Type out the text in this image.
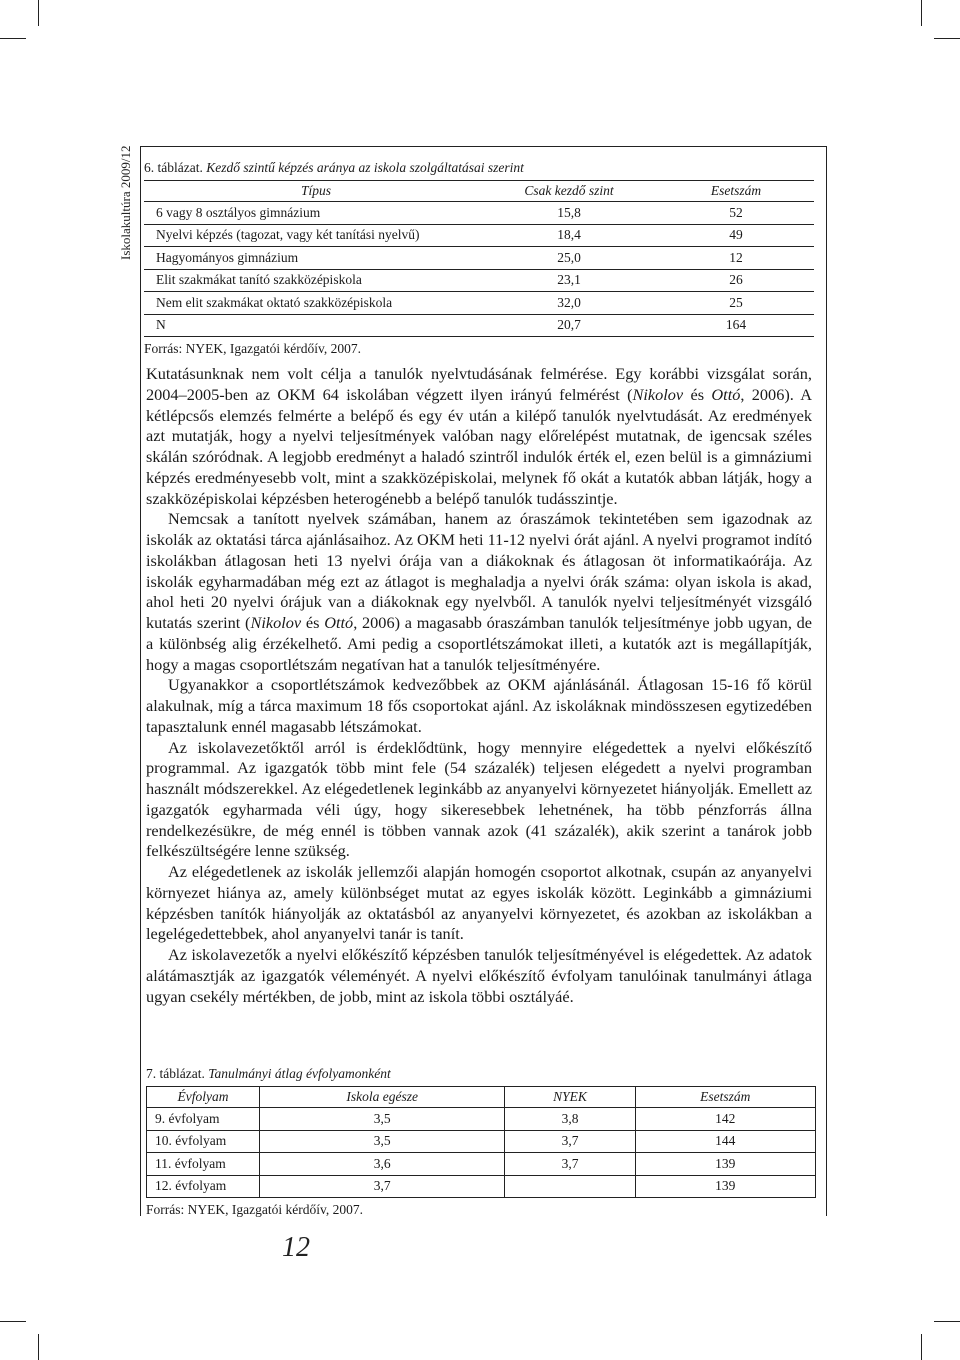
Iskolakultúra 2009/12 6. táblázat. Kezdő szintű képzés aránya az iskola szolgáltatásai szerint
Típus	Csak kezdő szint	Esetszám
6 vagy 8 osztályos gimnázium	15,8	52
Nyelvi képzés (tagozat, vagy két tanítási nyelvű)	18,4	49
Hagyományos gimnázium	25,0	12
Elit szakmákat tanító szakközépiskola	23,1	26
Nem elit szakmákat oktató szakközépiskola	32,0	25
N	20,7	164
Forrás: NYEK, Igazgatói kérdőív, 2007.

Kutatásunknak nem volt célja a tanulók nyelvtudásának felmérése. Egy korábbi vizsgálat során, 2004–2005-ben az OKM 64 iskolában végzett ilyen irányú felmérést (Nikolov és Ottó, 2006). A kétlépcsős elemzés felmérte a belépő és egy év után a kilépő tanulók nyelvtudását. Az eredmények azt mutatják, hogy a nyelvi teljesítmények valóban nagy előrelépést mutatnak, de igencsak széles skálán szóródnak. A legjobb eredményt a haladó szintről indulók érték el, ezen belül is a gimnáziumi képzés eredményesebb volt, mint a szakközépiskolai, melynek fő okát a kutatók abban látják, hogy a szakközépiskolai képzésben heterogénebb a belépő tanulók tudásszintje.

Nemcsak a tanított nyelvek számában, hanem az óraszámok tekintetében sem igazodnak az iskolák az oktatási tárca ajánlásaihoz. Az OKM heti 11-12 nyelvi órát ajánl. A nyelvi programot indító iskolákban átlagosan heti 13 nyelvi órája van a diákoknak és átlagosan öt informatikaórája. Az iskolák egyharmadában még ezt az átlagot is meghaladja a nyelvi órák száma: olyan iskola is akad, ahol heti 20 nyelvi órájuk van a diákoknak egy nyelvből. A tanulók nyelvi teljesítményét vizsgáló kutatás szerint (Nikolov és Ottó, 2006) a magasabb óraszámban tanulók teljesítménye jobb ugyan, de a különbség alig érzékelhető. Ami pedig a csoportlétszámokat illeti, a kutatók azt is megállapítják, hogy a magas csoportlétszám negatívan hat a tanulók teljesítményére.

Ugyanakkor a csoportlétszámok kedvezőbbek az OKM ajánlásánál. Átlagosan 15-16 fő körül alakulnak, míg a tárca maximum 18 fős csoportokat ajánl. Az iskoláknak mindösszesen egytizedében tapasztalunk ennél magasabb létszámokat.

Az iskolavezetőktől arról is érdeklődtünk, hogy mennyire elégedettek a nyelvi előkészítő programmal. Az igazgatók több mint fele (54 százalék) teljesen elégedett a nyelvi programban használt módszerekkel. Az elégedetlenek leginkább az anyanyelvi környezetet hiányolják. Emellett az igazgatók egyharmada véli úgy, hogy sikeresebbek lehetnének, ha több pénzforrás állna rendelkezésükre, de még ennél is többen vannak azok (41 százalék), akik szerint a tanárok jobb felkészültségére lenne szükség.

Az elégedetlenek az iskolák jellemzői alapján homogén csoportot alkotnak, csupán az anyanyelvi környezet hiánya az, amely különbséget mutat az egyes iskolák között. Leginkább a gimnáziumi képzésben tanítók hiányolják az oktatásból az anyanyelvi környezetet, és azokban az iskolákban a legelégedettebbek, ahol anyanyelvi tanár is tanít.

Az iskolavezetők a nyelvi előkészítő képzésben tanulók teljesítményével is elégedettek. Az adatok alátámasztják az igazgatók véleményét. A nyelvi előkészítő évfolyam tanulóinak tanulmányi átlaga ugyan csekély mértékben, de jobb, mint az iskola többi osztályáé.

7. táblázat. Tanulmányi átlag évfolyamonként
Évfolyam	Iskola egésze	NYEK	Esetszám
9. évfolyam	3,5	3,8	142
10. évfolyam	3,5	3,7	144
11. évfolyam	3,6	3,7	139
12. évfolyam	3,7		139
Forrás: NYEK, Igazgatói kérdőív, 2007.
12
